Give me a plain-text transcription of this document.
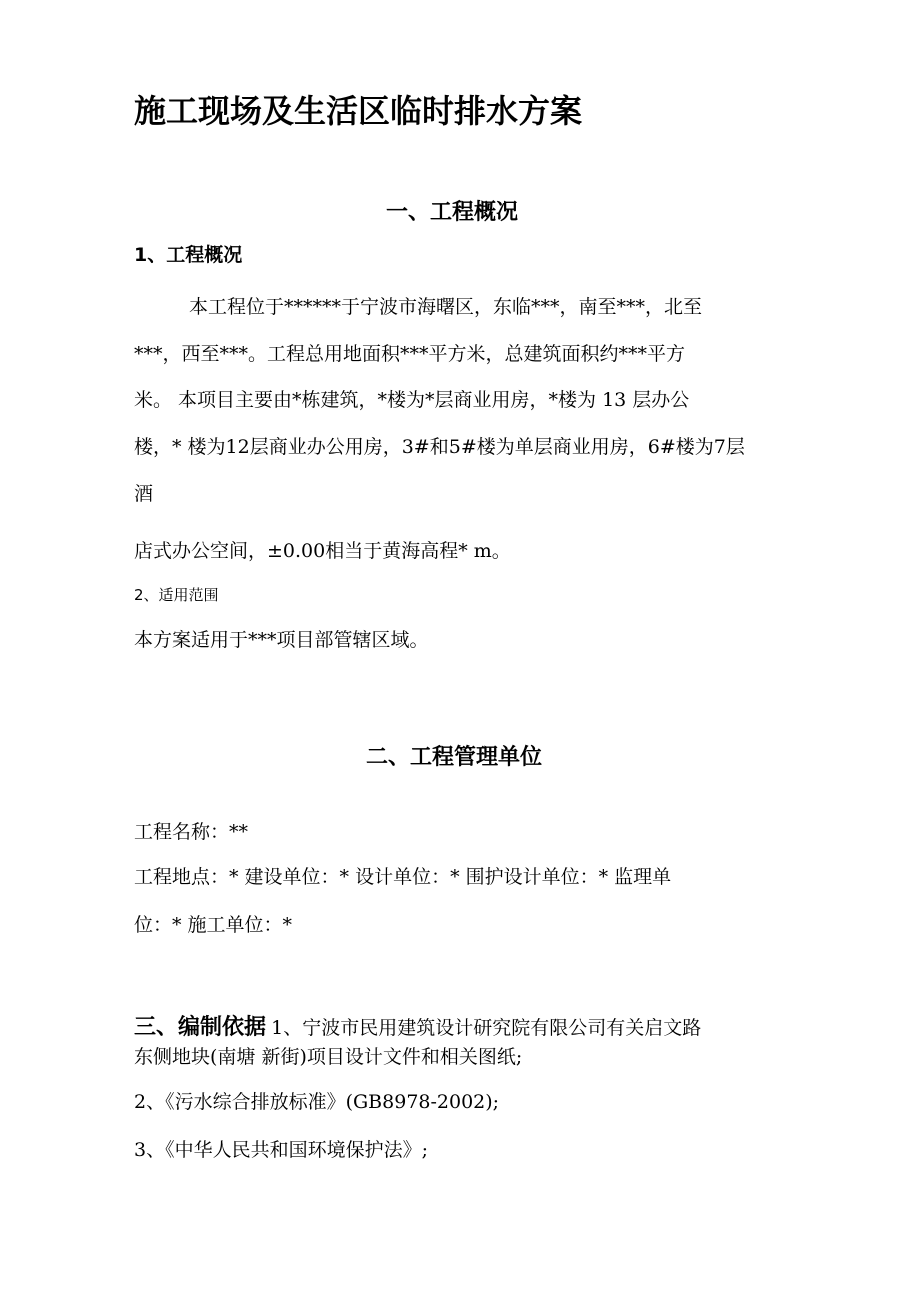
施工现场及生活区临时排水方案
一、工程概况
1、工程概况
本工程位于******于宁波市海曙区，东临***，南至***，北至
***，西至***。工程总用地面积***平方米，总建筑面积约***平方
米。 本项目主要由*栋建筑，*楼为*层商业用房，*楼为 13 层办公
楼，* 楼为12层商业办公用房，3#和5#楼为单层商业用房，6#楼为7层
酒
店式办公空间，±0.00相当于黄海高程* m。
2、适用范围
本方案适用于***项目部管辖区域。
二、工程管理单位
工程名称：**
工程地点：* 建设单位：* 设计单位：* 围护设计单位：* 监理单
位：* 施工单位：*
三、编制依据 1、宁波市民用建筑设计研究院有限公司有关启文路
东侧地块(南塘 新街)项目设计文件和相关图纸;
2、《污水综合排放标准》(GB8978-2002);
3、《中华人民共和国环境保护法》;
